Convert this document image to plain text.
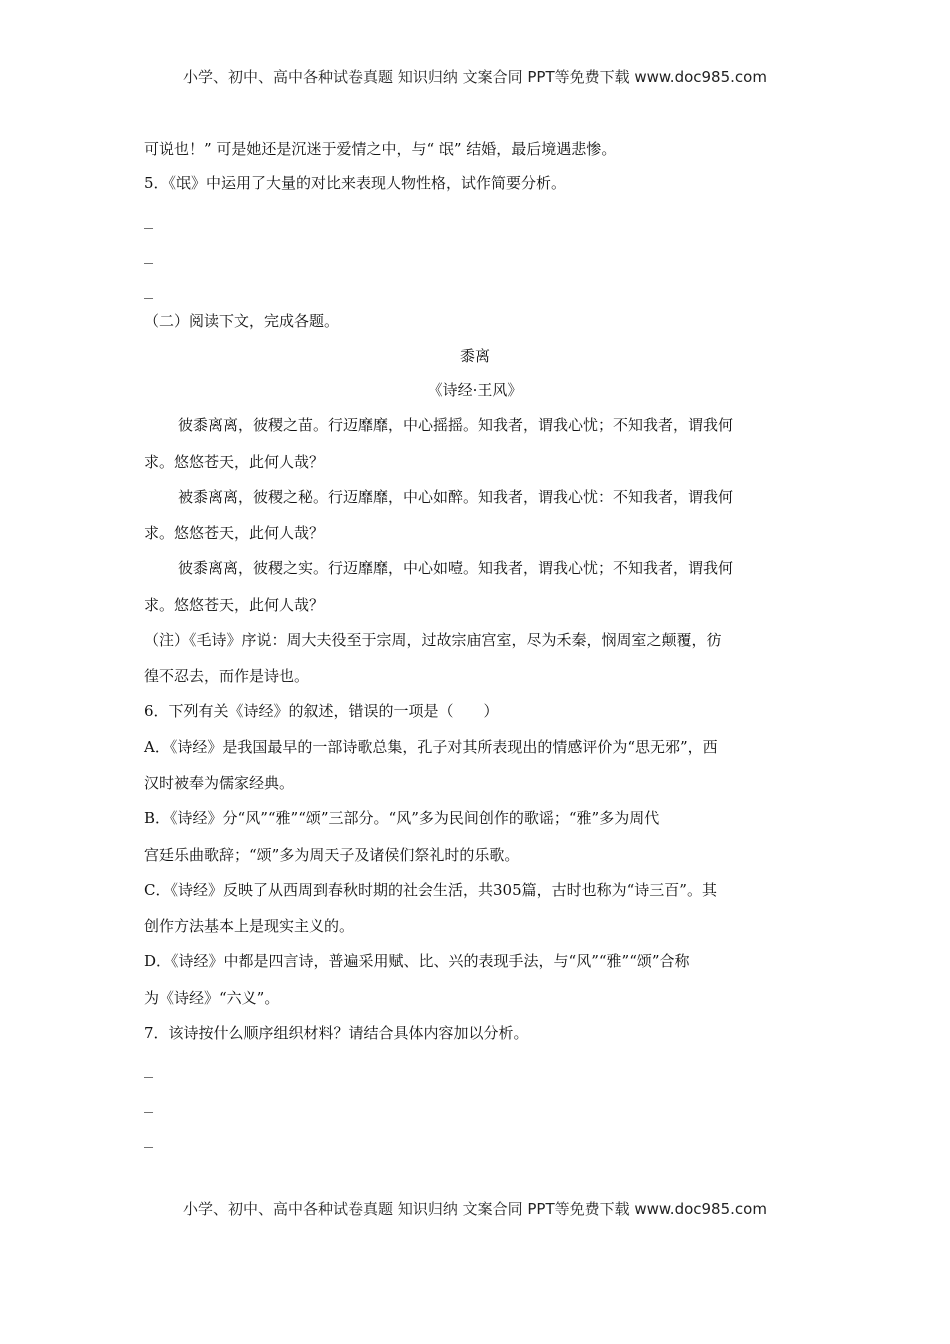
小学、初中、高中各种试卷真题 知识归纳 文案合同 PPT等免费下载 www.doc985.com
可说也！” 可是她还是沉迷于爱情之中，与“ 氓” 结婚，最后境遇悲惨。
5．《氓》中运用了大量的对比来表现人物性格，试作简要分析。
_
_
_
（二）阅读下文，完成各题。
黍离
《诗经·王风》
彼黍离离，彼稷之苗。行迈靡靡，中心摇摇。知我者，谓我心忧；不知我者，谓我何
求。悠悠苍天，此何人哉？
被黍离离，彼稷之秘。行迈靡靡，中心如醉。知我者，谓我心忧：不知我者，谓我何
求。悠悠苍天，此何人哉？
彼黍离离，彼稷之实。行迈靡靡，中心如噎。知我者，谓我心忧；不知我者，谓我何
求。悠悠苍天，此何人哉？
（注）《毛诗》序说：周大夫役至于宗周，过故宗庙宫室，尽为禾秦，悯周室之颠覆，彷
徨不忍去，而作是诗也。
6．下列有关《诗经》的叙述，错误的一项是（　　）
A．《诗经》是我国最早的一部诗歌总集，孔子对其所表现出的情感评价为“思无邪”，西
汉时被奉为儒家经典。
B．《诗经》分“风”“雅”“颂”三部分。“风”多为民间创作的歌谣；“雅”多为周代
宫廷乐曲歌辞；“颂”多为周天子及诸侯们祭礼时的乐歌。
C．《诗经》反映了从西周到春秋时期的社会生活，共305篇，古时也称为“诗三百”。其
创作方法基本上是现实主义的。
D．《诗经》中都是四言诗，普遍采用赋、比、兴的表现手法，与“风”“雅”“颂”合称
为《诗经》“六义”。
7．该诗按什么顺序组织材料？请结合具体内容加以分析。
_
_
_
小学、初中、高中各种试卷真题 知识归纳 文案合同 PPT等免费下载 www.doc985.com
